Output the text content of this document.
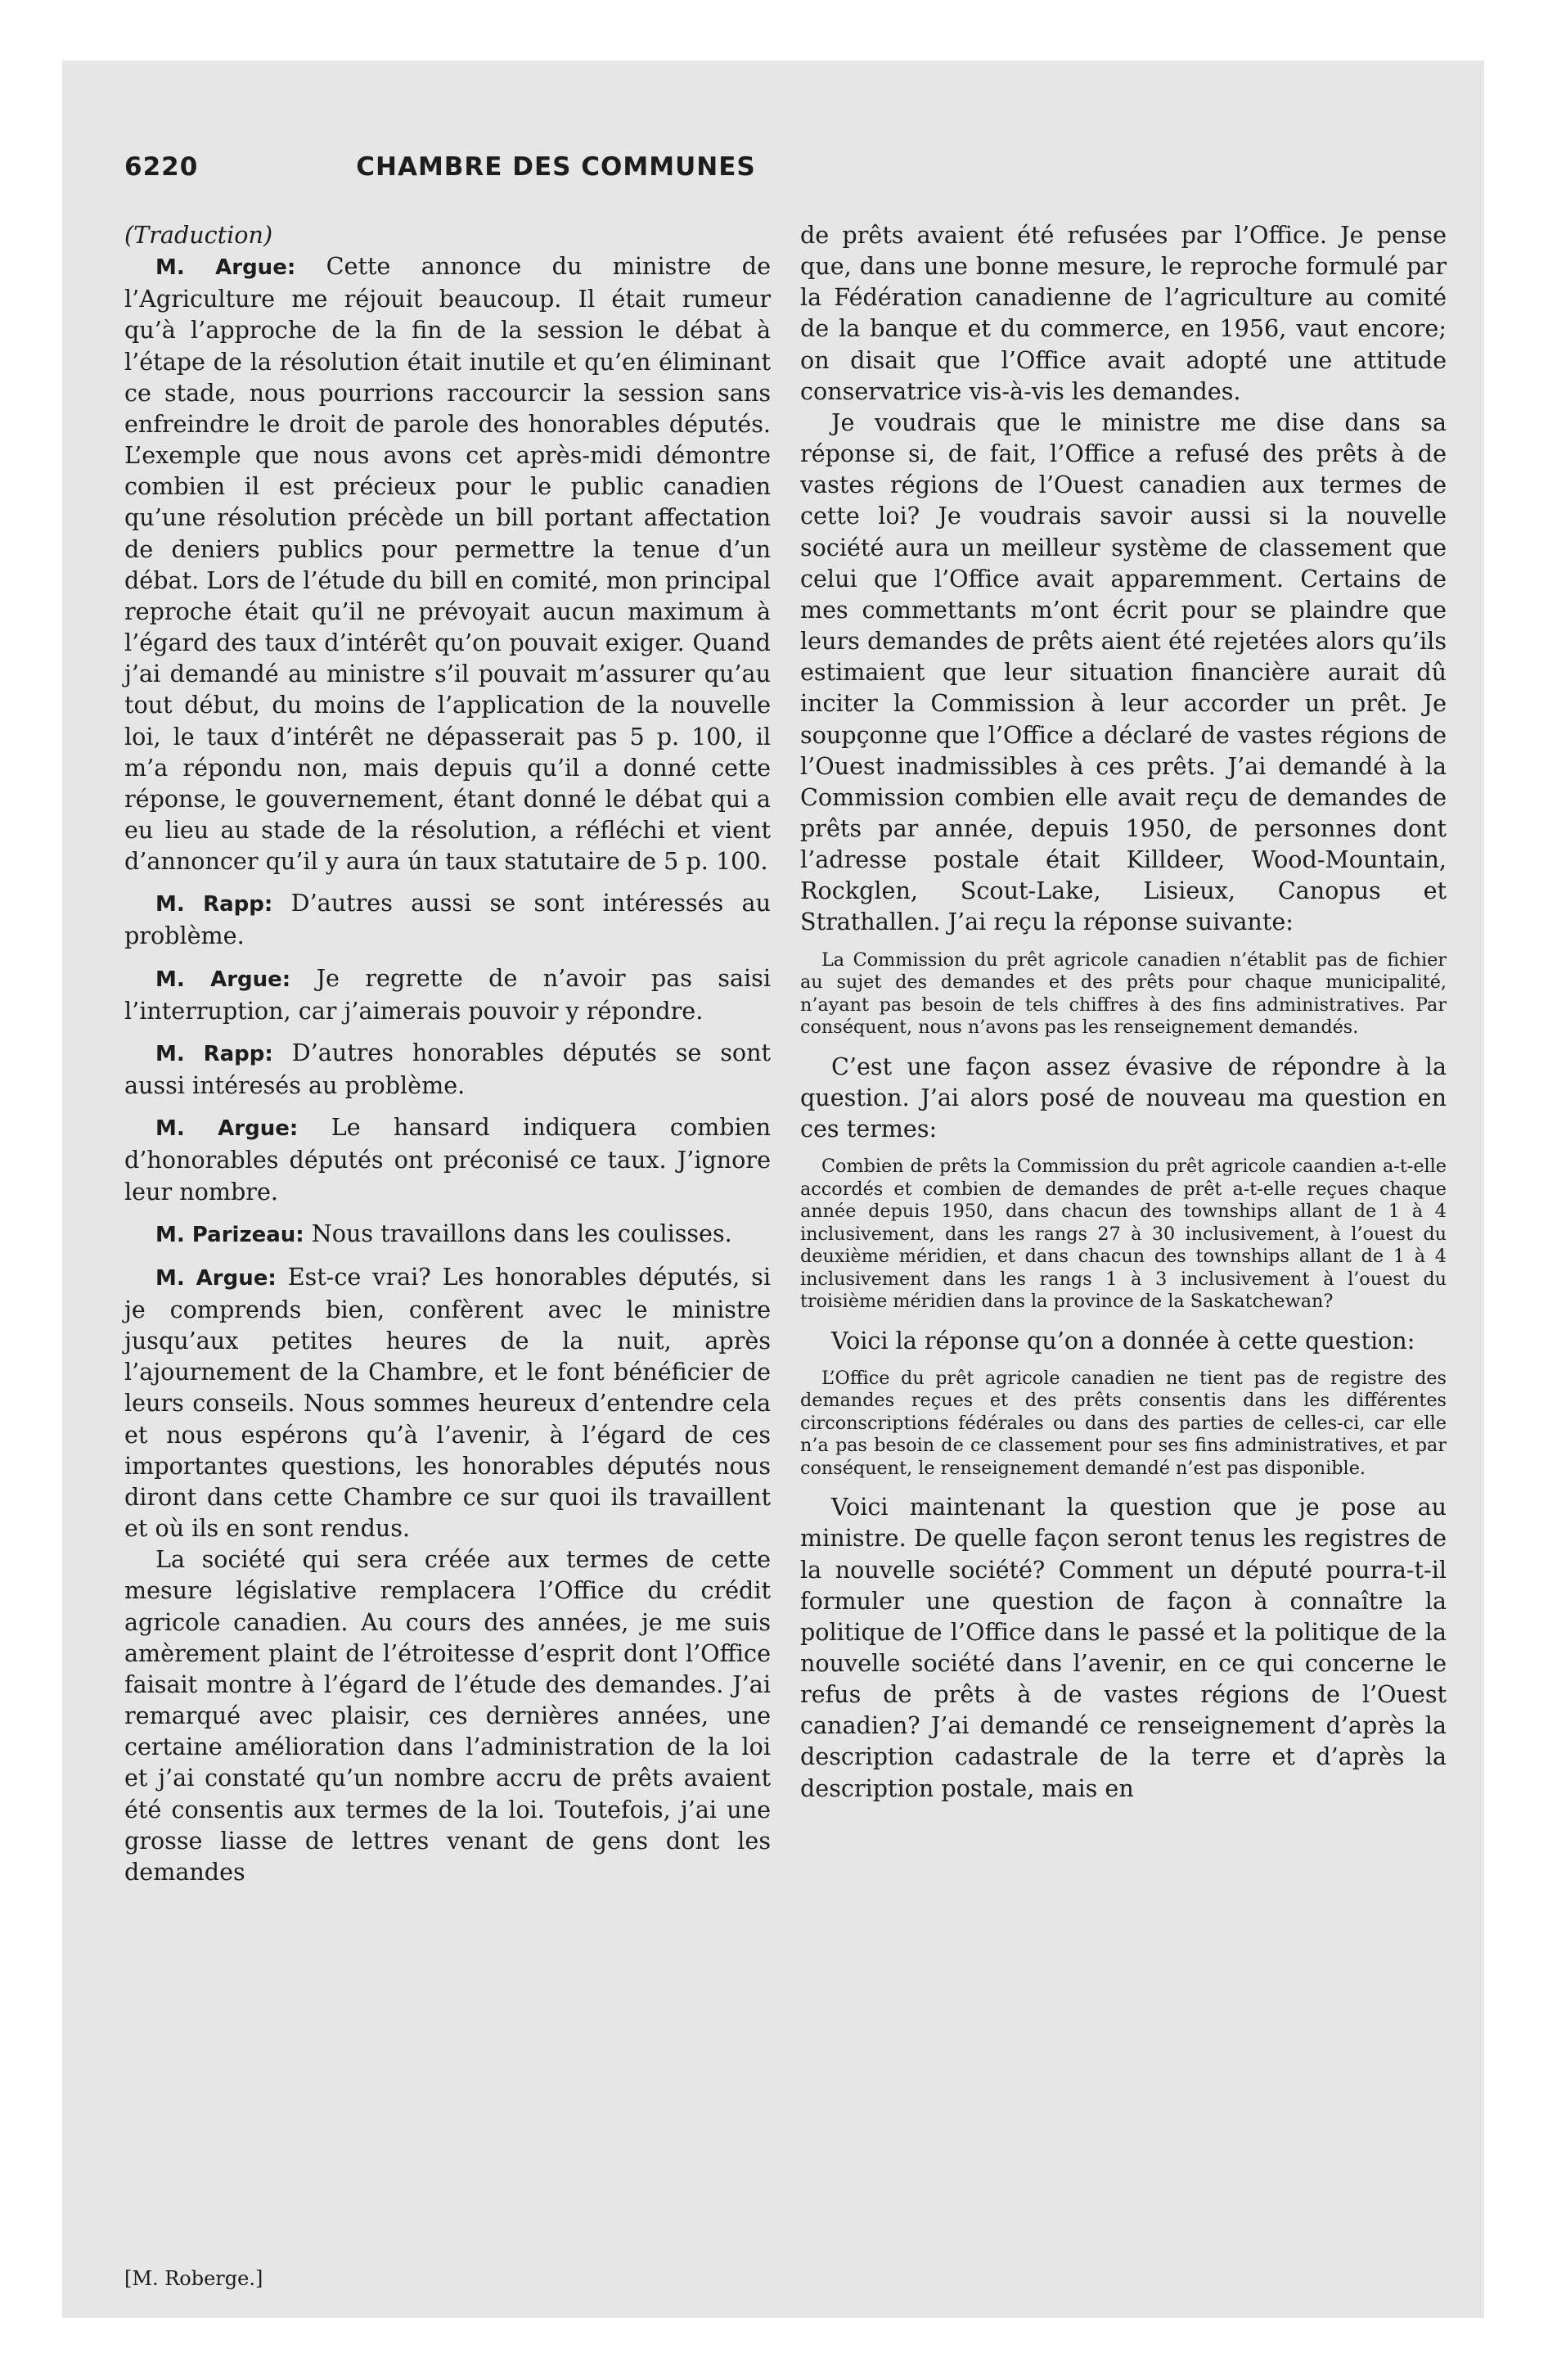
6220	CHAMBRE DES COMMUNES

(Traduction)

M. Argue: Cette annonce du ministre de l’Agriculture me réjouit beaucoup. Il était rumeur qu’à l’approche de la fin de la session le débat à l’étape de la résolution était inutile et qu’en éliminant ce stade, nous pourrions raccourcir la session sans enfreindre le droit de parole des honorables députés. L’exemple que nous avons cet après-midi démontre combien il est précieux pour le public canadien qu’une résolution précède un bill portant affectation de deniers publics pour permettre la tenue d’un débat. Lors de l’étude du bill en comité, mon principal reproche était qu’il ne prévoyait aucun maximum à l’égard des taux d’intérêt qu’on pouvait exiger. Quand j’ai demandé au ministre s’il pouvait m’assurer qu’au tout début, du moins de l’application de la nouvelle loi, le taux d’intérêt ne dépasserait pas 5 p. 100, il m’a répondu non, mais depuis qu’il a donné cette réponse, le gouvernement, étant donné le débat qui a eu lieu au stade de la résolution, a réfléchi et vient d’annoncer qu’il y aura ún taux statutaire de 5 p. 100.

M. Rapp: D’autres aussi se sont intéressés au problème.

M. Argue: Je regrette de n’avoir pas saisi l’interruption, car j’aimerais pouvoir y répondre.

M. Rapp: D’autres honorables députés se sont aussi intéresés au problème.

M. Argue: Le hansard indiquera combien d’honorables députés ont préconisé ce taux. J’ignore leur nombre.

M. Parizeau: Nous travaillons dans les coulisses.

M. Argue: Est-ce vrai? Les honorables députés, si je comprends bien, confèrent avec le ministre jusqu’aux petites heures de la nuit, après l’ajournement de la Chambre, et le font bénéficier de leurs conseils. Nous sommes heureux d’entendre cela et nous espérons qu’à l’avenir, à l’égard de ces importantes questions, les honorables députés nous diront dans cette Chambre ce sur quoi ils travaillent et où ils en sont rendus.

La société qui sera créée aux termes de cette mesure législative remplacera l’Office du crédit agricole canadien. Au cours des années, je me suis amèrement plaint de l’étroitesse d’esprit dont l’Office faisait montre à l’égard de l’étude des demandes. J’ai remarqué avec plaisir, ces dernières années, une certaine amélioration dans l’administration de la loi et j’ai constaté qu’un nombre accru de prêts avaient été consentis aux termes de la loi. Toutefois, j’ai une grosse liasse de lettres venant de gens dont les demandes

de prêts avaient été refusées par l’Office. Je pense que, dans une bonne mesure, le reproche formulé par la Fédération canadienne de l’agriculture au comité de la banque et du commerce, en 1956, vaut encore; on disait que l’Office avait adopté une attitude conservatrice vis-à-vis les demandes.

Je voudrais que le ministre me dise dans sa réponse si, de fait, l’Office a refusé des prêts à de vastes régions de l’Ouest canadien aux termes de cette loi? Je voudrais savoir aussi si la nouvelle société aura un meilleur système de classement que celui que l’Office avait apparemment. Certains de mes commettants m’ont écrit pour se plaindre que leurs demandes de prêts aient été rejetées alors qu’ils estimaient que leur situation financière aurait dû inciter la Commission à leur accorder un prêt. Je soupçonne que l’Office a déclaré de vastes régions de l’Ouest inadmissibles à ces prêts. J’ai demandé à la Commission combien elle avait reçu de demandes de prêts par année, depuis 1950, de personnes dont l’adresse postale était Killdeer, Wood-Mountain, Rockglen, Scout-Lake, Lisieux, Canopus et Strathallen. J’ai reçu la réponse suivante:

La Commission du prêt agricole canadien n’établit pas de fichier au sujet des demandes et des prêts pour chaque municipalité, n’ayant pas besoin de tels chiffres à des fins administratives. Par conséquent, nous n’avons pas les renseignement demandés.

C’est une façon assez évasive de répondre à la question. J’ai alors posé de nouveau ma question en ces termes:

Combien de prêts la Commission du prêt agricole caandien a-t-elle accordés et combien de demandes de prêt a-t-elle reçues chaque année depuis 1950, dans chacun des townships allant de 1 à 4 inclusivement, dans les rangs 27 à 30 inclusivement, à l’ouest du deuxième méridien, et dans chacun des townships allant de 1 à 4 inclusivement dans les rangs 1 à 3 inclusivement à l’ouest du troisième méridien dans la province de la Saskatchewan?

Voici la réponse qu’on a donnée à cette question:

L’Office du prêt agricole canadien ne tient pas de registre des demandes reçues et des prêts consentis dans les différentes circonscriptions fédérales ou dans des parties de celles-ci, car elle n’a pas besoin de ce classement pour ses fins administratives, et par conséquent, le renseignement demandé n’est pas disponible.

Voici maintenant la question que je pose au ministre. De quelle façon seront tenus les registres de la nouvelle société? Comment un député pourra-t-il formuler une question de façon à connaître la politique de l’Office dans le passé et la politique de la nouvelle société dans l’avenir, en ce qui concerne le refus de prêts à de vastes régions de l’Ouest canadien? J’ai demandé ce renseignement d’après la description cadastrale de la terre et d’après la description postale, mais en

[M. Roberge.]
